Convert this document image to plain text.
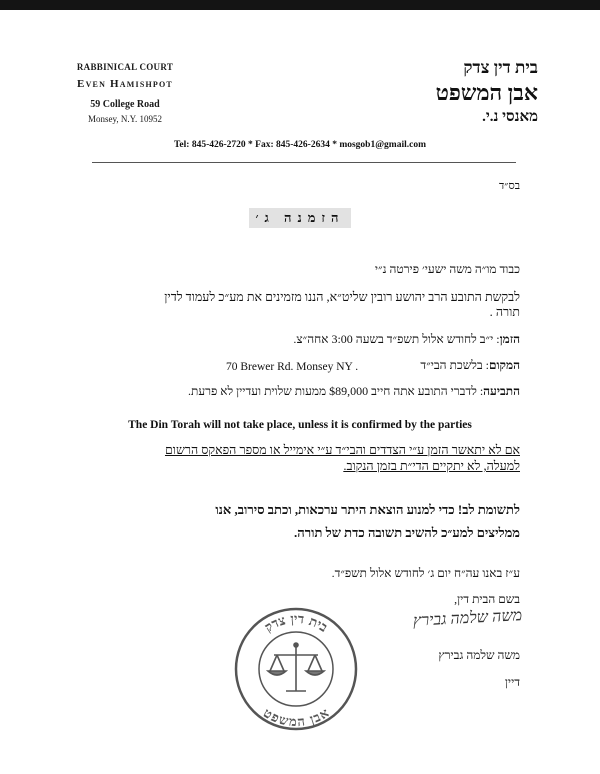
RABBINICAL COURT
Even Hamishpot
59 College Road
Monsey, N.Y. 10952
בית דין צדק
אבן המשפט
מאנסי נ.י.
Tel: 845-426-2720 * Fax: 845-426-2634 * mosgob1@gmail.com
בס״ד
הזמנה ג׳
כבוד מו״ה משה ישעי׳ פירטה נ״י
לבקשת התובע הרב יהושע רובין שליט״א, הננו מזמינים את מע״כ לעמוד לדין
תורה .
הזמן: י״ב לחודש אלול תשפ״ד בשעה 3:00 אחה״צ.
המקום: בלשכת הבי״ד
70 Brewer Rd. Monsey NY .
התביעה: לדברי התובע אתה חייב $89,000 ממעות שלוית ועדיין לא פרעת.
The Din Torah will not take place, unless it is confirmed by the parties
אם לא יתאשר הזמן ע״י הצדדים והבי״ד ע״י אימייל או מספר הפאקס הרשום
למעלה, לא יתקיים הדי״ת בזמן הנקוב.
לתשומת לב! כדי למנוע הוצאת היתר ערכאות, וכתב סירוב, אנו
ממליצים למע״כ להשיב תשובה כדת של תורה.
ע״ז באנו עה״ח יום ג׳ לחודש אלול תשפ״ד.
בשם הבית דין,
משה שלמה גבירץ
משה שלמה גבירץ
דיין
בית דין צדק
אבן המשפט
